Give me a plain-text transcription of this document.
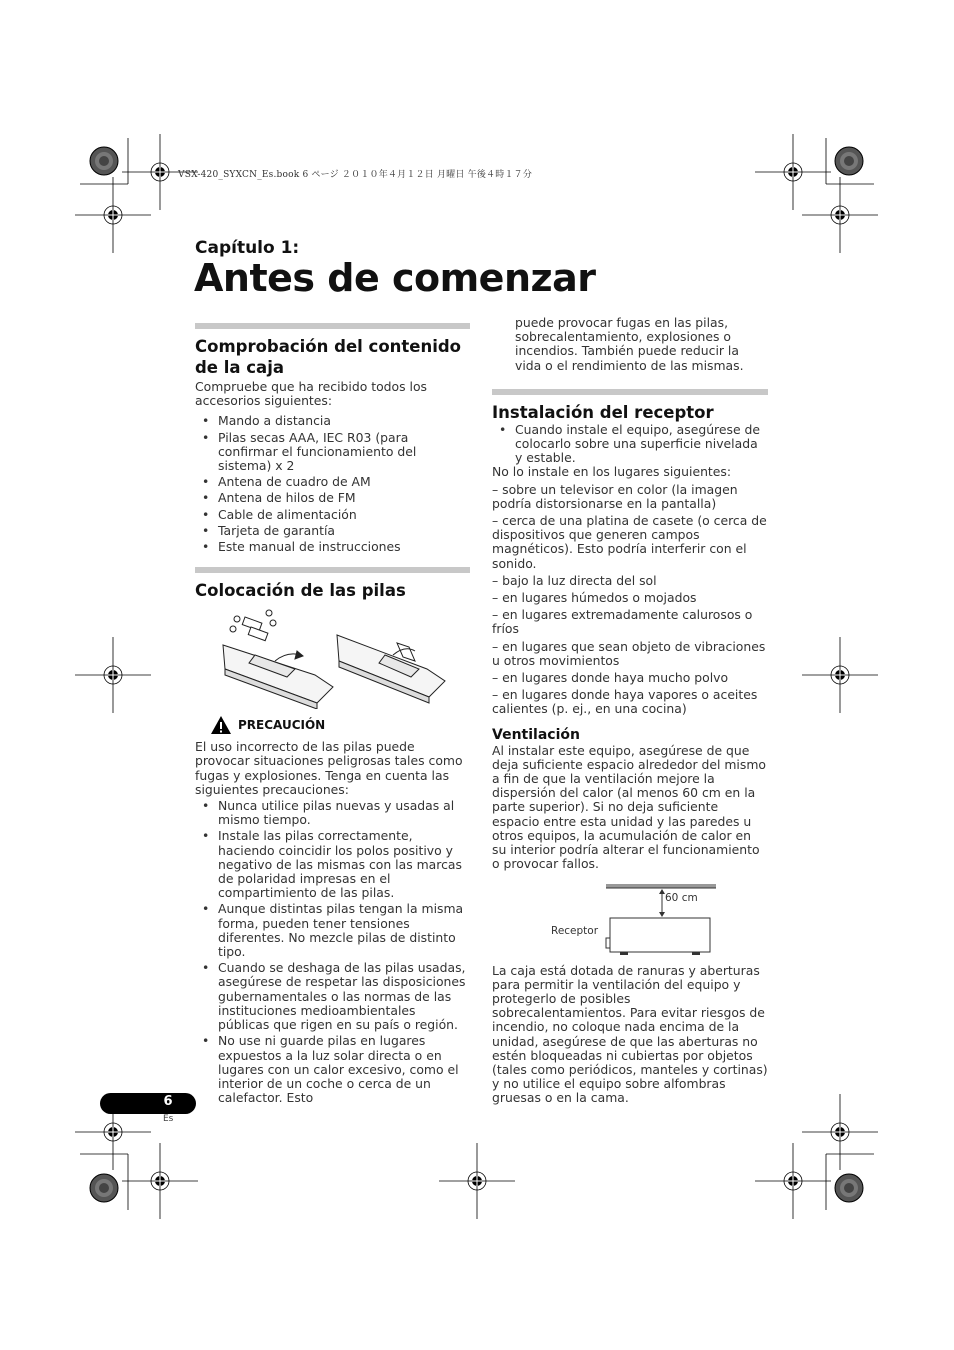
VSX-420_SYXCN_Es.book 6 ページ ２０１０年４月１２日 月曜日 午後４時１７分
Capítulo 1:
Antes de comenzar
Comprobación del contenido de la caja

Compruebe que ha recibido todos los accesorios siguientes:

• Mando a distancia
• Pilas secas AAA, IEC R03 (para confirmar el funcionamiento del sistema) x 2
• Antena de cuadro de AM
• Antena de hilos de FM
• Cable de alimentación
• Tarjeta de garantía
• Este manual de instrucciones
Colocación de las pilas
PRECAUCIÓN

El uso incorrecto de las pilas puede provocar situaciones peligrosas tales como fugas y explosiones. Tenga en cuenta las siguientes precauciones:

• Nunca utilice pilas nuevas y usadas al mismo tiempo.
• Instale las pilas correctamente, haciendo coincidir los polos positivo y negativo de las mismas con las marcas de polaridad impresas en el compartimiento de las pilas.
• Aunque distintas pilas tengan la misma forma, pueden tener tensiones diferentes. No mezcle pilas de distinto tipo.
• Cuando se deshaga de las pilas usadas, asegúrese de respetar las disposiciones gubernamentales o las normas de las instituciones medioambientales públicas que rigen en su país o región.
• No use ni guarde pilas en lugares expuestos a la luz solar directa o en lugares con un calor excesivo, como el interior de un coche o cerca de un calefactor. Esto

puede provocar fugas en las pilas, sobrecalentamiento, explosiones o incendios. También puede reducir la vida o el rendimiento de las mismas.

Instalación del receptor
• Cuando instale el equipo, asegúrese de colocarlo sobre una superficie nivelada y estable.

No lo instale en los lugares siguientes:

– sobre un televisor en color (la imagen podría distorsionarse en la pantalla)
– cerca de una platina de casete (o cerca de dispositivos que generen campos magnéticos). Esto podría interferir con el sonido.
– bajo la luz directa del sol
– en lugares húmedos o mojados
– en lugares extremadamente calurosos o fríos
– en lugares que sean objeto de vibraciones u otros movimientos
– en lugares donde haya mucho polvo
– en lugares donde haya vapores o aceites calientes (p. ej., en una cocina)
Ventilación

Al instalar este equipo, asegúrese de que deja suficiente espacio alrededor del mismo a fin de que la ventilación mejore la dispersión del calor (al menos 60 cm en la parte superior). Si no deja suficiente espacio entre esta unidad y las paredes u otros equipos, la acumulación de calor en su interior podría alterar el funcionamiento o provocar fallos.

60 cm
Receptor

La caja está dotada de ranuras y aberturas para permitir la ventilación del equipo y protegerlo de posibles sobrecalentamientos. Para evitar riesgos de incendio, no coloque nada encima de la unidad, asegúrese de que las aberturas no estén bloqueadas ni cubiertas por objetos (tales como periódicos, manteles y cortinas) y no utilice el equipo sobre alfombras gruesas o en la cama.

6
Es
